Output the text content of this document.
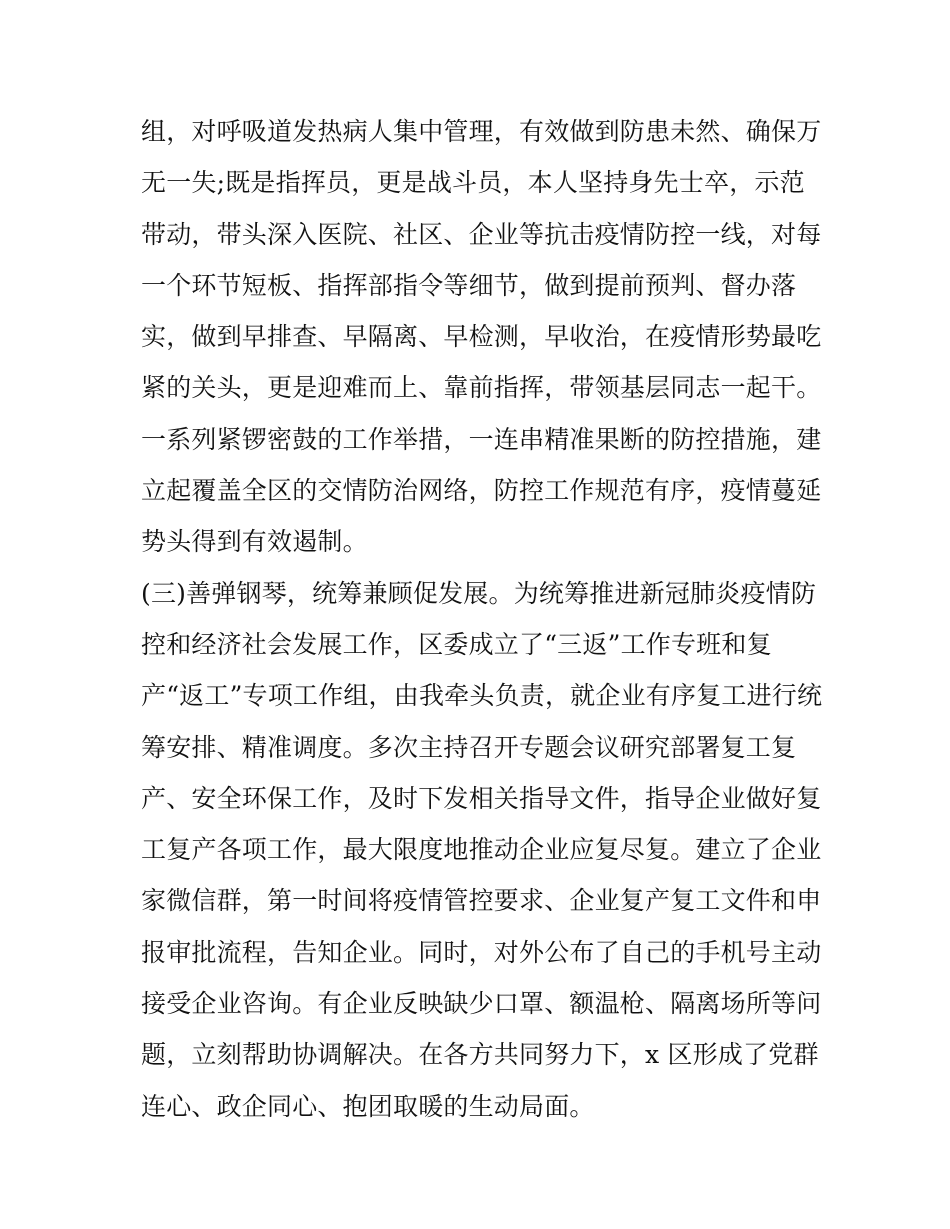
组，对呼吸道发热病人集中管理，有效做到防患未然、确保万
无一失;既是指挥员，更是战斗员，本人坚持身先士卒，示范
带动，带头深入医院、社区、企业等抗击疫情防控一线，对每
一个环节短板、指挥部指令等细节，做到提前预判、督办落
实，做到早排查、早隔离、早检测，早收治，在疫情形势最吃
紧的关头，更是迎难而上、靠前指挥，带领基层同志一起干。
一系列紧锣密鼓的工作举措，一连串精准果断的防控措施，建
立起覆盖全区的交情防治网络，防控工作规范有序，疫情蔓延
势头得到有效遏制。
(三)善弹钢琴，统筹兼顾促发展。为统筹推进新冠肺炎疫情防
控和经济社会发展工作，区委成立了“三返”工作专班和复
产“返工”专项工作组，由我牵头负责，就企业有序复工进行统
筹安排、精准调度。多次主持召开专题会议研究部署复工复
产、安全环保工作，及时下发相关指导文件，指导企业做好复
工复产各项工作，最大限度地推动企业应复尽复。建立了企业
家微信群，第一时间将疫情管控要求、企业复产复工文件和申
报审批流程，告知企业。同时，对外公布了自己的手机号主动
接受企业咨询。有企业反映缺少口罩、额温枪、隔离场所等问
题，立刻帮助协调解决。在各方共同努力下，x 区形成了党群
连心、政企同心、抱团取暖的生动局面。
